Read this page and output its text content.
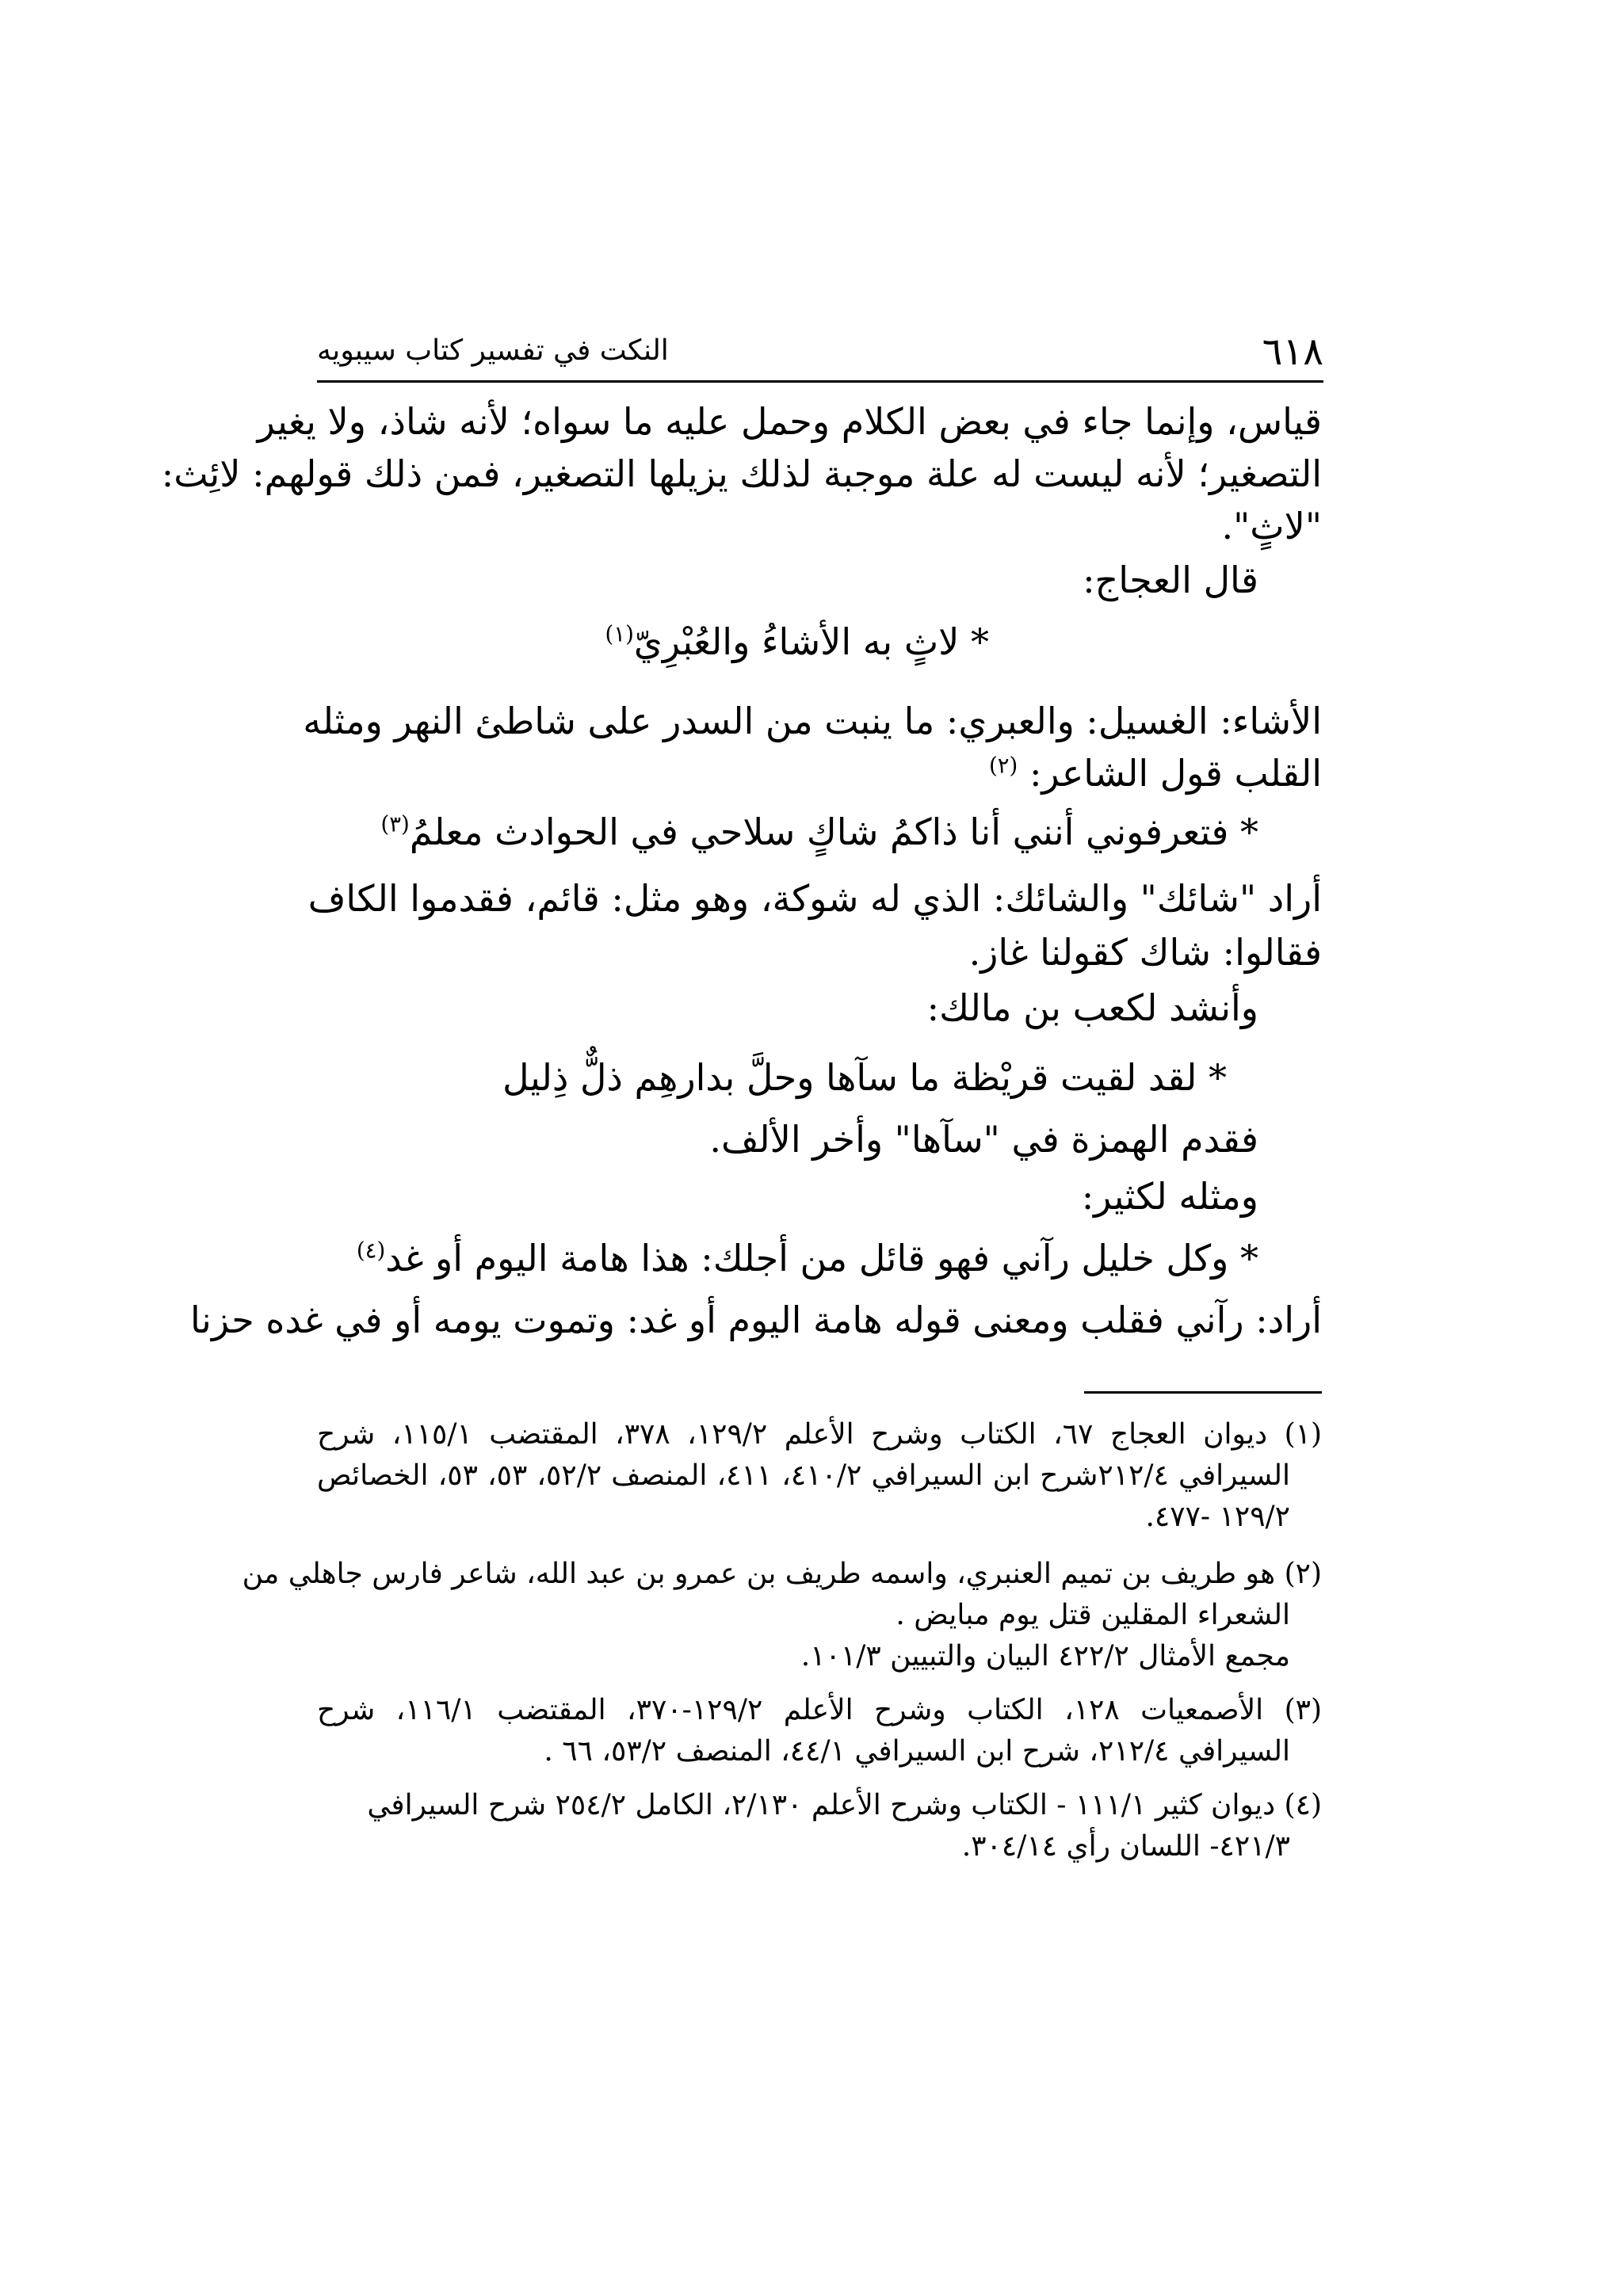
٦١٨
النكت في تفسير كتاب سيبويه
قياس، وإنما جاء في بعض الكلام وحمل عليه ما سواه؛ لأنه شاذ، ولا يغير
التصغير؛ لأنه ليست له علة موجبة لذلك يزيلها التصغير، فمن ذلك قولهم: لائِث:
"لاثٍ".
قال العجاج:
* لاثٍ به الأشاءُ والعُبْرِيّ$^{(١)}$
الأشاء: الغسيل: والعبري: ما ينبت من السدر على شاطئ النهر ومثله
القلب قول الشاعر: $^{(٢)}$
* فتعرفوني أنني أنا ذاكمُ شاكٍ سلاحي في الحوادث معلمُ$^{(٣)}$
أراد "شائك" والشائك: الذي له شوكة، وهو مثل: قائم، فقدموا الكاف
فقالوا: شاك كقولنا غاز.
وأنشد لكعب بن مالك:
* لقد لقيت قريْظة ما سآها وحلَّ بدارهِم ذلٌّ ذِليل
فقدم الهمزة في "سآها" وأخر الألف.
ومثله لكثير:
* وكل خليل رآني فهو قائل من أجلك: هذا هامة اليوم أو غد$^{(٤)}$
أراد: رآني فقلب ومعنى قوله هامة اليوم أو غد: وتموت يومه أو في غده حزنا
(١) ديوان العجاج ٦٧، الكتاب وشرح الأعلم ١٢٩/٢، ٣٧٨، المقتضب ١١٥/١، شرح
السيرافي ٢١٢/٤شرح ابن السيرافي ٤١٠/٢، ٤١١، المنصف ٥٢/٢، ٥٣، ٥٣، الخصائص
١٢٩/٢ -٤٧٧.
(٢) هو طريف بن تميم العنبري، واسمه طريف بن عمرو بن عبد الله، شاعر فارس جاهلي من
الشعراء المقلين قتل يوم مبايض .
مجمع الأمثال ٤٢٢/٢ البيان والتبيين ١٠١/٣.
(٣) الأصمعيات ١٢٨، الكتاب وشرح الأعلم ١٢٩/٢-٣٧٠، المقتضب ١١٦/١، شرح
السيرافي ٢١٢/٤، شرح ابن السيرافي ٤٤/١، المنصف ٥٣/٢، ٦٦ .
(٤) ديوان كثير ١١١/١ - الكتاب وشرح الأعلم ٢/١٣٠، الكامل ٢٥٤/٢ شرح السيرافي
٤٢١/٣- اللسان رأي ٣٠٤/١٤.
